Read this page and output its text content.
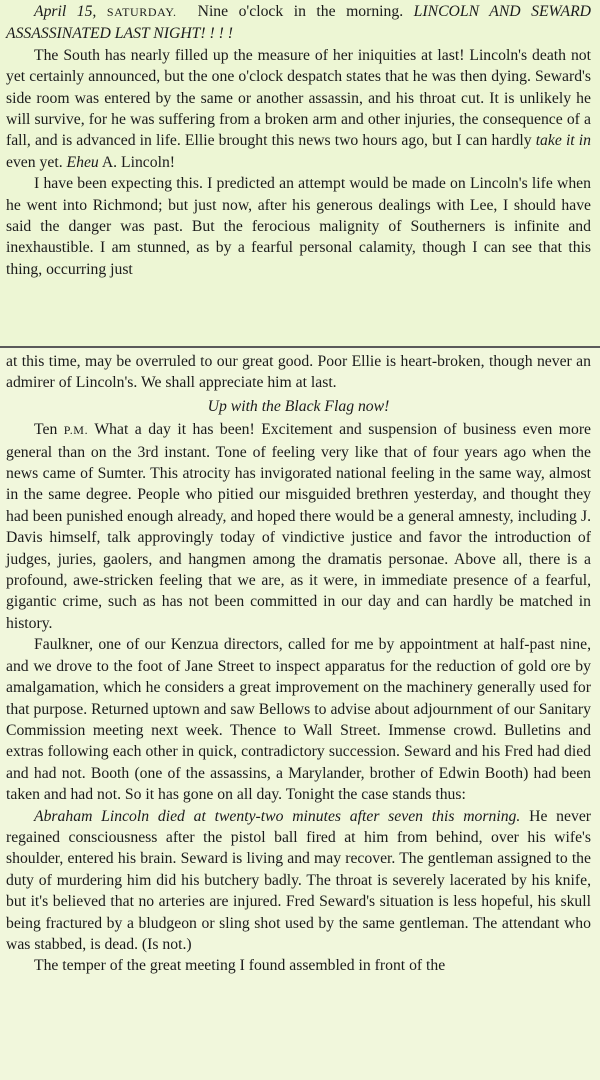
April 15, SATURDAY. Nine o'clock in the morning. LINCOLN AND SEWARD ASSASSINATED LAST NIGHT! ! ! !

The South has nearly filled up the measure of her iniquities at last! Lincoln's death not yet certainly announced, but the one o'clock despatch states that he was then dying. Seward's side room was entered by the same or another assassin, and his throat cut. It is unlikely he will survive, for he was suffering from a broken arm and other injuries, the consequence of a fall, and is advanced in life. Ellie brought this news two hours ago, but I can hardly take it in even yet. Eheu A. Lincoln!

I have been expecting this. I predicted an attempt would be made on Lincoln's life when he went into Richmond; but just now, after his generous dealings with Lee, I should have said the danger was past. But the ferocious malignity of Southerners is infinite and inexhaustible. I am stunned, as by a fearful personal calamity, though I can see that this thing, occurring just

at this time, may be overruled to our great good. Poor Ellie is heart-broken, though never an admirer of Lincoln's. We shall appreciate him at last.

Up with the Black Flag now!

Ten P.M. What a day it has been! Excitement and suspension of business even more general than on the 3rd instant. Tone of feeling very like that of four years ago when the news came of Sumter. This atrocity has invigorated national feeling in the same way, almost in the same degree. People who pitied our misguided brethren yesterday, and thought they had been punished enough already, and hoped there would be a general amnesty, including J. Davis himself, talk approvingly today of vindictive justice and favor the introduction of judges, juries, gaolers, and hangmen among the dramatis personae. Above all, there is a profound, awe-stricken feeling that we are, as it were, in immediate presence of a fearful, gigantic crime, such as has not been committed in our day and can hardly be matched in history.

Faulkner, one of our Kenzua directors, called for me by appointment at half-past nine, and we drove to the foot of Jane Street to inspect apparatus for the reduction of gold ore by amalgamation, which he considers a great improvement on the machinery generally used for that purpose. Returned uptown and saw Bellows to advise about adjournment of our Sanitary Commission meeting next week. Thence to Wall Street. Immense crowd. Bulletins and extras following each other in quick, contradictory succession. Seward and his Fred had died and had not. Booth (one of the assassins, a Marylander, brother of Edwin Booth) had been taken and had not. So it has gone on all day. Tonight the case stands thus:

Abraham Lincoln died at twenty-two minutes after seven this morning. He never regained consciousness after the pistol ball fired at him from behind, over his wife's shoulder, entered his brain. Seward is living and may recover. The gentleman assigned to the duty of murdering him did his butchery badly. The throat is severely lacerated by his knife, but it's believed that no arteries are injured. Fred Seward's situation is less hopeful, his skull being fractured by a bludgeon or sling shot used by the same gentleman. The attendant who was stabbed, is dead. (Is not.)

The temper of the great meeting I found assembled in front of the
